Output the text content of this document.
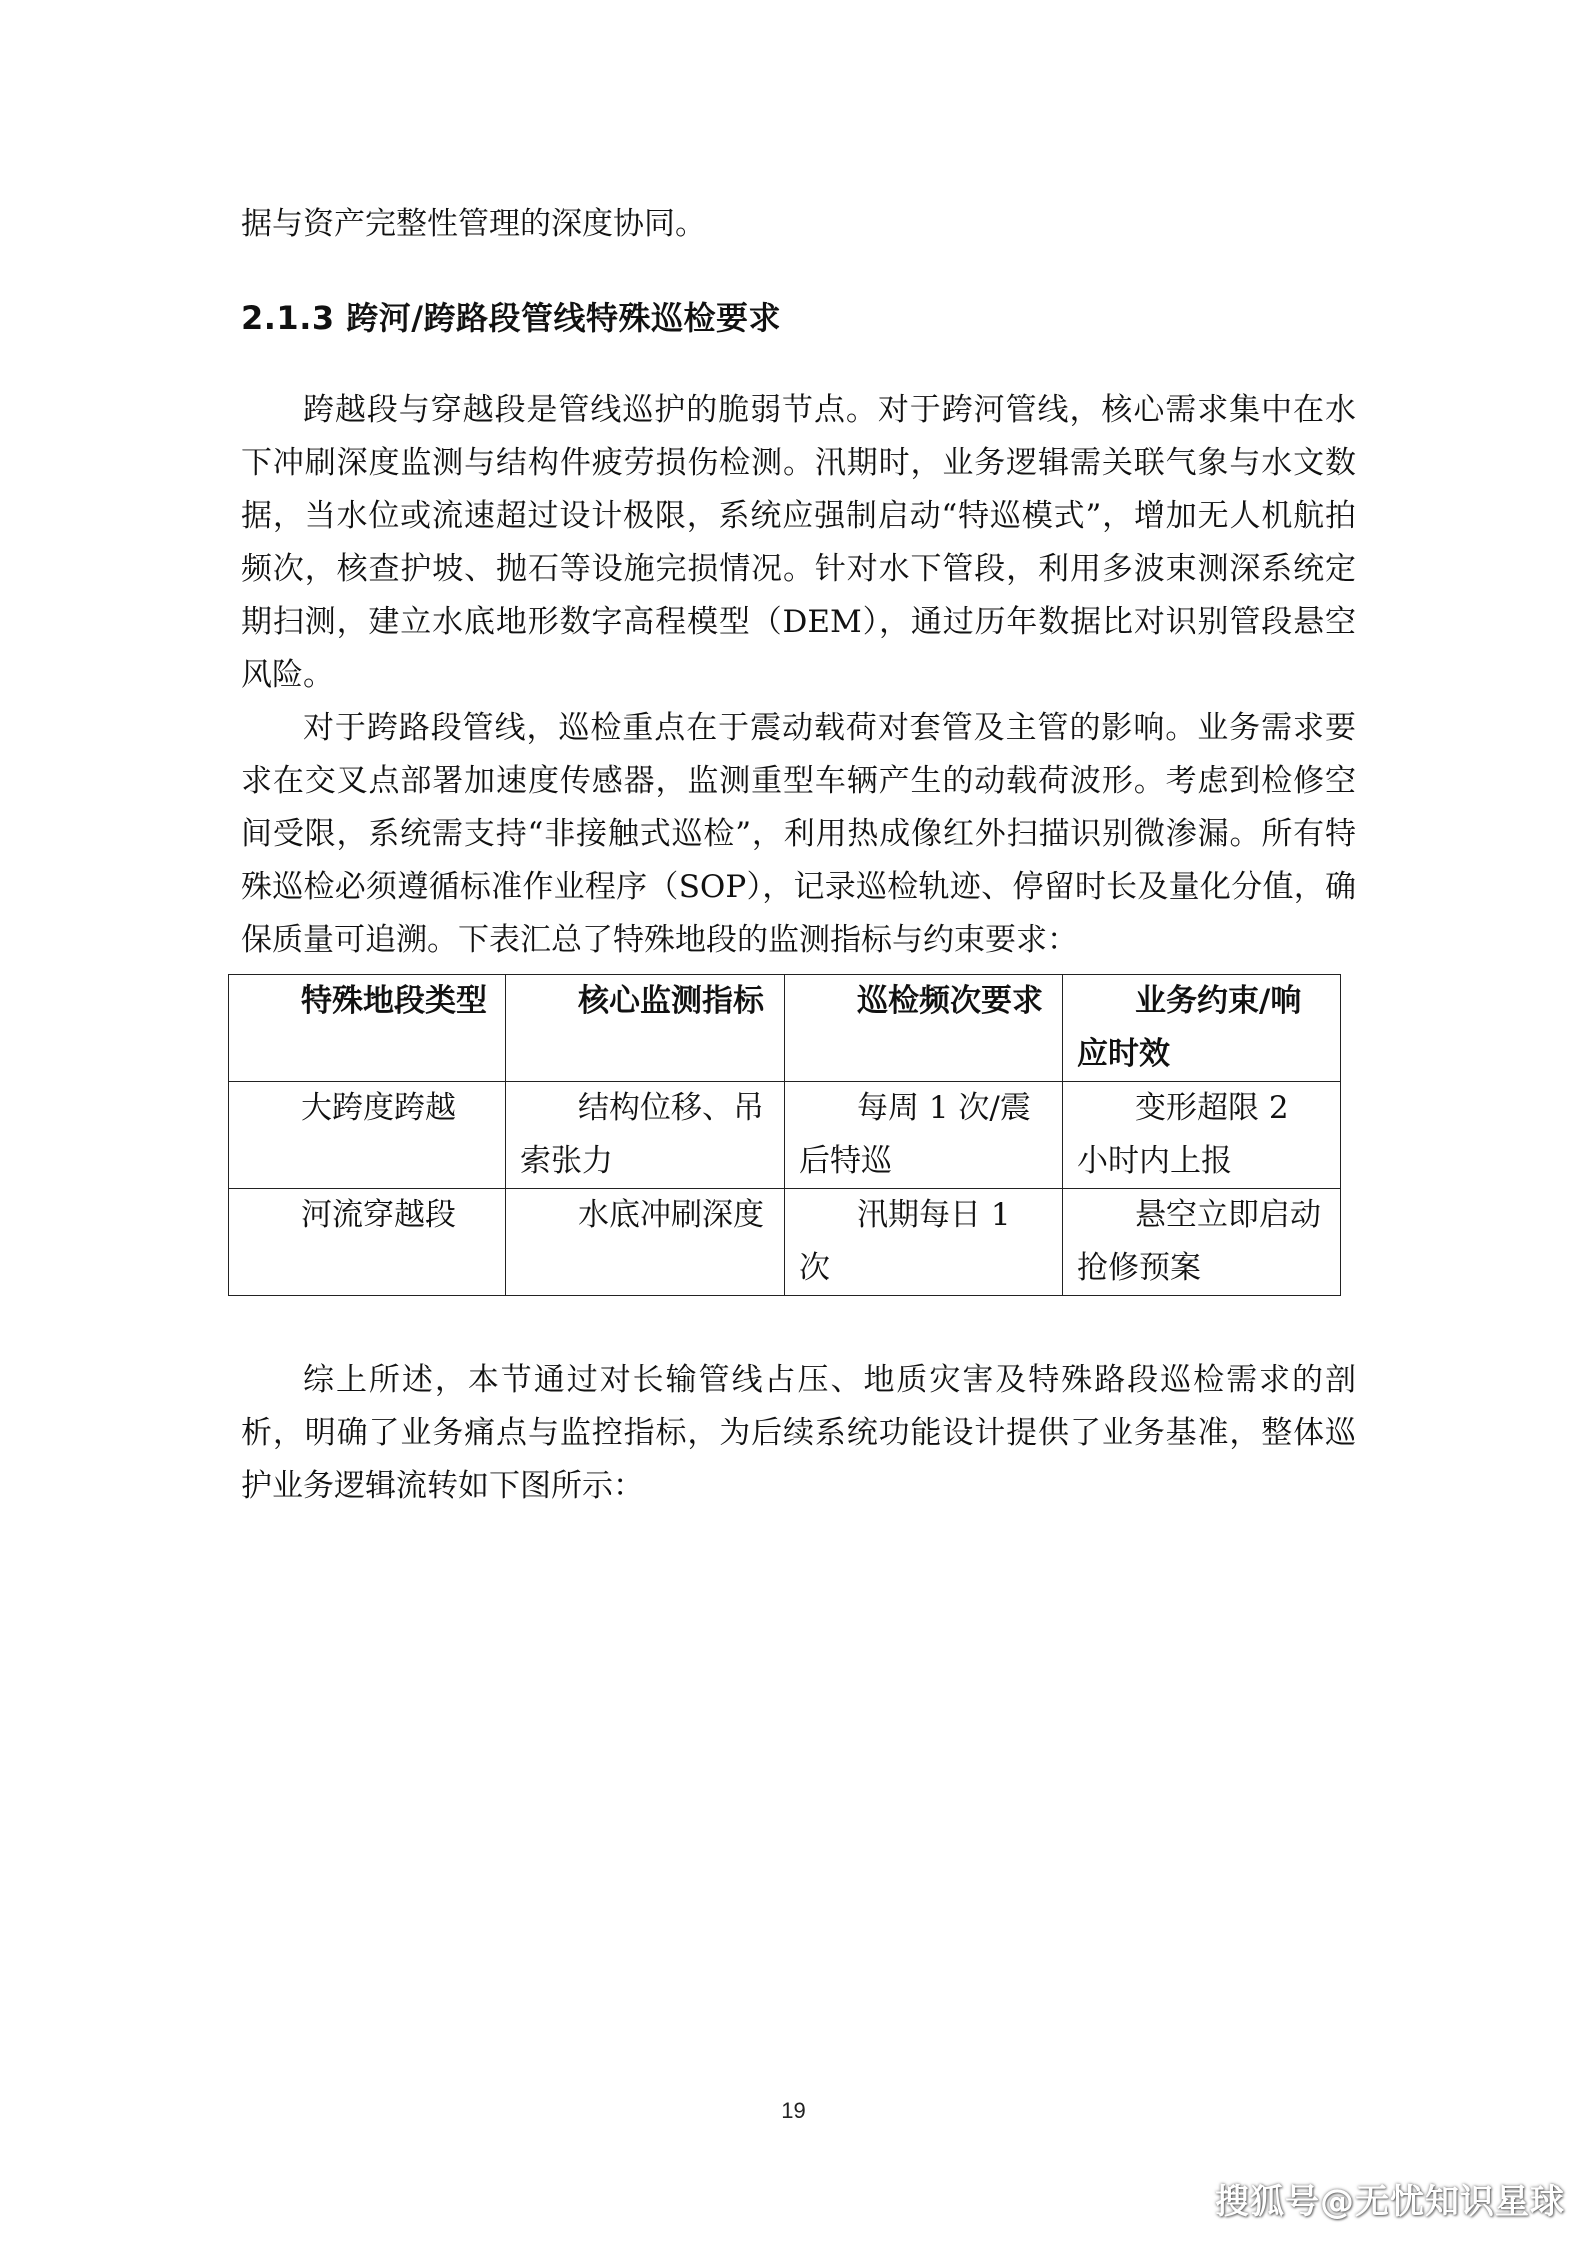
据与资产完整性管理的深度协同。

2.1.3 跨河/跨路段管线特殊巡检要求

跨越段与穿越段是管线巡护的脆弱节点。对于跨河管线，核心需求集中在水下冲刷深度监测与结构件疲劳损伤检测。汛期时，业务逻辑需关联气象与水文数据，当水位或流速超过设计极限，系统应强制启动“特巡模式”，增加无人机航拍频次，核查护坡、抛石等设施完损情况。针对水下管段，利用多波束测深系统定期扫测，建立水底地形数字高程模型（DEM），通过历年数据比对识别管段悬空风险。

对于跨路段管线，巡检重点在于震动载荷对套管及主管的影响。业务需求要求在交叉点部署加速度传感器，监测重型车辆产生的动载荷波形。考虑到检修空间受限，系统需支持“非接触式巡检”，利用热成像红外扫描识别微渗漏。所有特殊巡检必须遵循标准作业程序（SOP），记录巡检轨迹、停留时长及量化分值，确保质量可追溯。下表汇总了特殊地段的监测指标与约束要求：

特殊地段类型	核心监测指标	巡检频次要求	业务约束/响应时效
大跨度跨越	结构位移、吊索张力	每周 1 次/震后特巡	变形超限 2 小时内上报
河流穿越段	水底冲刷深度	汛期每日 1 次	悬空立即启动抢修预案

综上所述，本节通过对长输管线占压、地质灾害及特殊路段巡检需求的剖析，明确了业务痛点与监控指标，为后续系统功能设计提供了业务基准，整体巡护业务逻辑流转如下图所示：

19
搜狐号@无忧知识星球
